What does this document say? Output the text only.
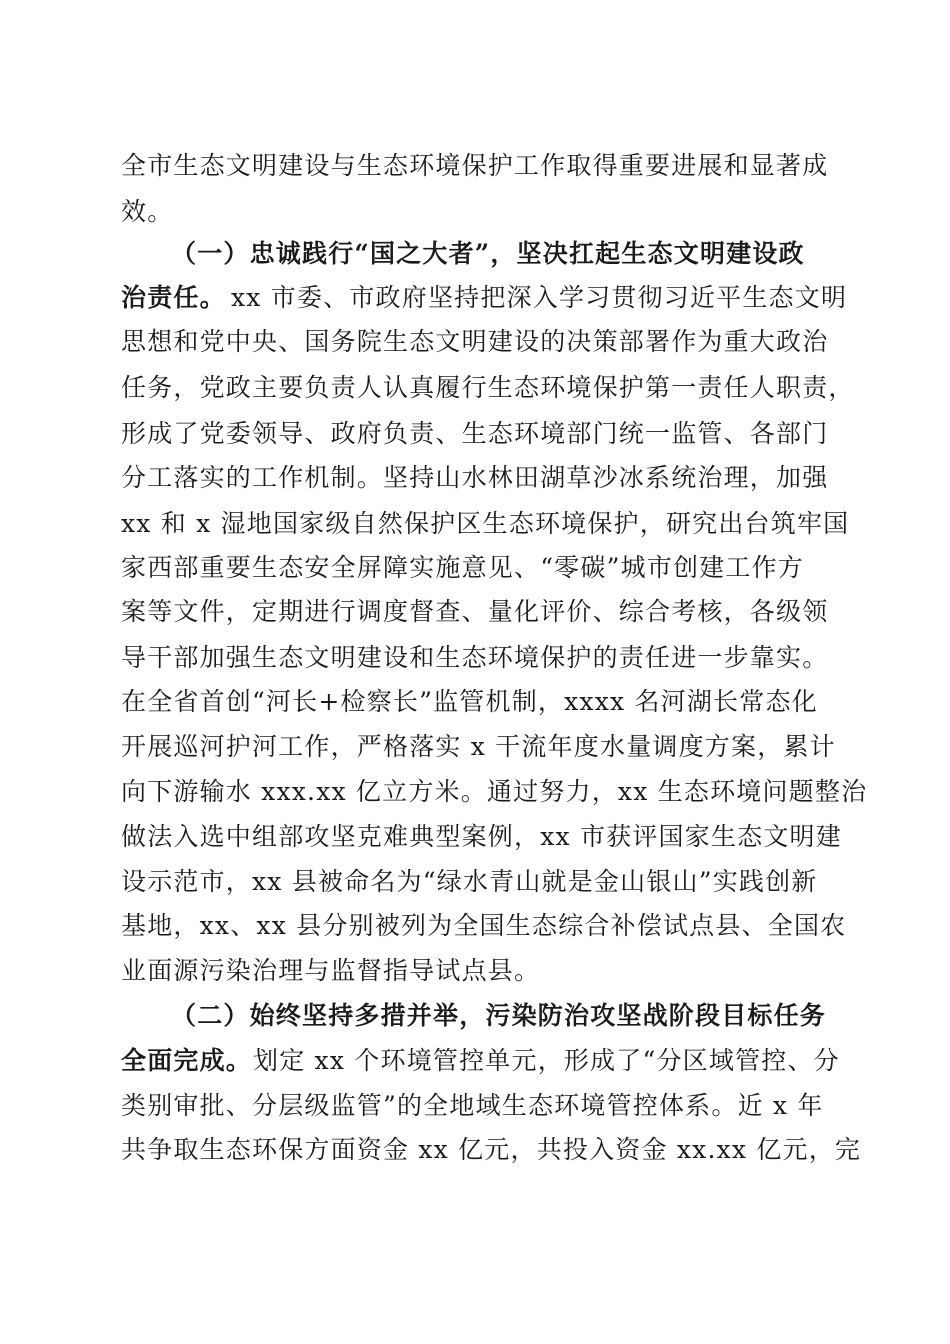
全市生态文明建设与生态环境保护工作取得重要进展和显著成
效。
（一）忠诚践行“国之大者”，坚决扛起生态文明建设政
治责任。 xx 市委、市政府坚持把深入学习贯彻习近平生态文明
思想和党中央、国务院生态文明建设的决策部署作为重大政治
任务，党政主要负责人认真履行生态环境保护第一责任人职责，
形成了党委领导、政府负责、生态环境部门统一监管、各部门
分工落实的工作机制。坚持山水林田湖草沙冰系统治理，加强
xx 和 x 湿地国家级自然保护区生态环境保护，研究出台筑牢国
家西部重要生态安全屏障实施意见、“零碳”城市创建工作方
案等文件，定期进行调度督查、量化评价、综合考核，各级领
导干部加强生态文明建设和生态环境保护的责任进一步靠实。
在全省首创“河长+检察长”监管机制，xxxx 名河湖长常态化
开展巡河护河工作，严格落实 x 干流年度水量调度方案，累计
向下游输水 xxx.xx 亿立方米。通过努力，xx 生态环境问题整治
做法入选中组部攻坚克难典型案例，xx 市获评国家生态文明建
设示范市，xx 县被命名为“绿水青山就是金山银山”实践创新
基地，xx、xx 县分别被列为全国生态综合补偿试点县、全国农
业面源污染治理与监督指导试点县。
（二）始终坚持多措并举，污染防治攻坚战阶段目标任务
全面完成。 划定 xx 个环境管控单元，形成了“分区域管控、分
类别审批、分层级监管”的全地域生态环境管控体系。近 x 年
共争取生态环保方面资金 xx 亿元，共投入资金 xx.xx 亿元，完
